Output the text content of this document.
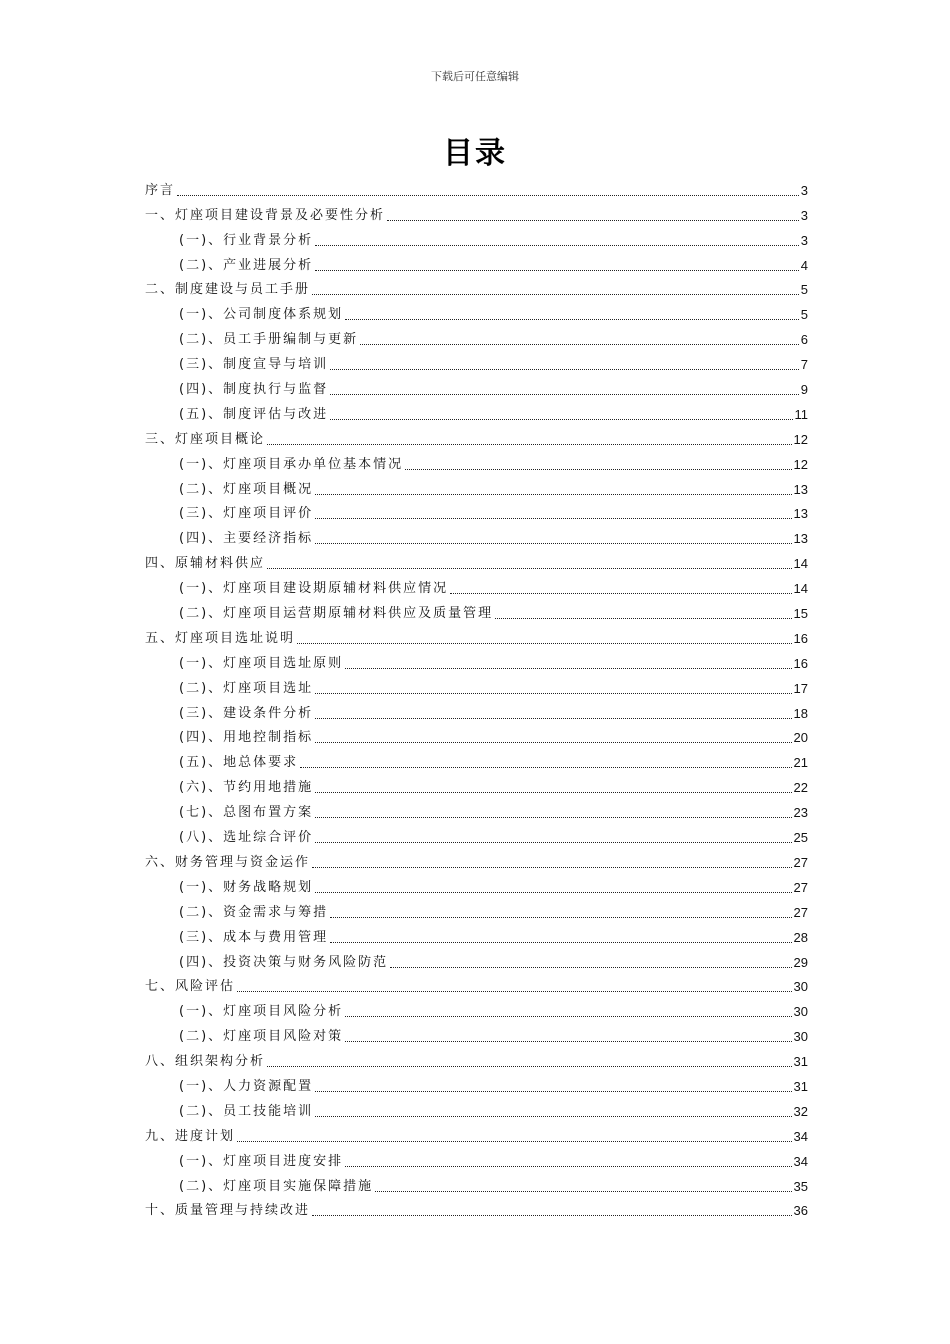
下载后可任意编辑
目录
序言	3
一、灯座项目建设背景及必要性分析	3
(一)、行业背景分析	3
(二)、产业进展分析	4
二、制度建设与员工手册	5
(一)、公司制度体系规划	5
(二)、员工手册编制与更新	6
(三)、制度宣导与培训	7
(四)、制度执行与监督	9
(五)、制度评估与改进	11
三、灯座项目概论	12
(一)、灯座项目承办单位基本情况	12
(二)、灯座项目概况	13
(三)、灯座项目评价	13
(四)、主要经济指标	13
四、原辅材料供应	14
(一)、灯座项目建设期原辅材料供应情况	14
(二)、灯座项目运营期原辅材料供应及质量管理	15
五、灯座项目选址说明	16
(一)、灯座项目选址原则	16
(二)、灯座项目选址	17
(三)、建设条件分析	18
(四)、用地控制指标	20
(五)、地总体要求	21
(六)、节约用地措施	22
(七)、总图布置方案	23
(八)、选址综合评价	25
六、财务管理与资金运作	27
(一)、财务战略规划	27
(二)、资金需求与筹措	27
(三)、成本与费用管理	28
(四)、投资决策与财务风险防范	29
七、风险评估	30
(一)、灯座项目风险分析	30
(二)、灯座项目风险对策	30
八、组织架构分析	31
(一)、人力资源配置	31
(二)、员工技能培训	32
九、进度计划	34
(一)、灯座项目进度安排	34
(二)、灯座项目实施保障措施	35
十、质量管理与持续改进	36
